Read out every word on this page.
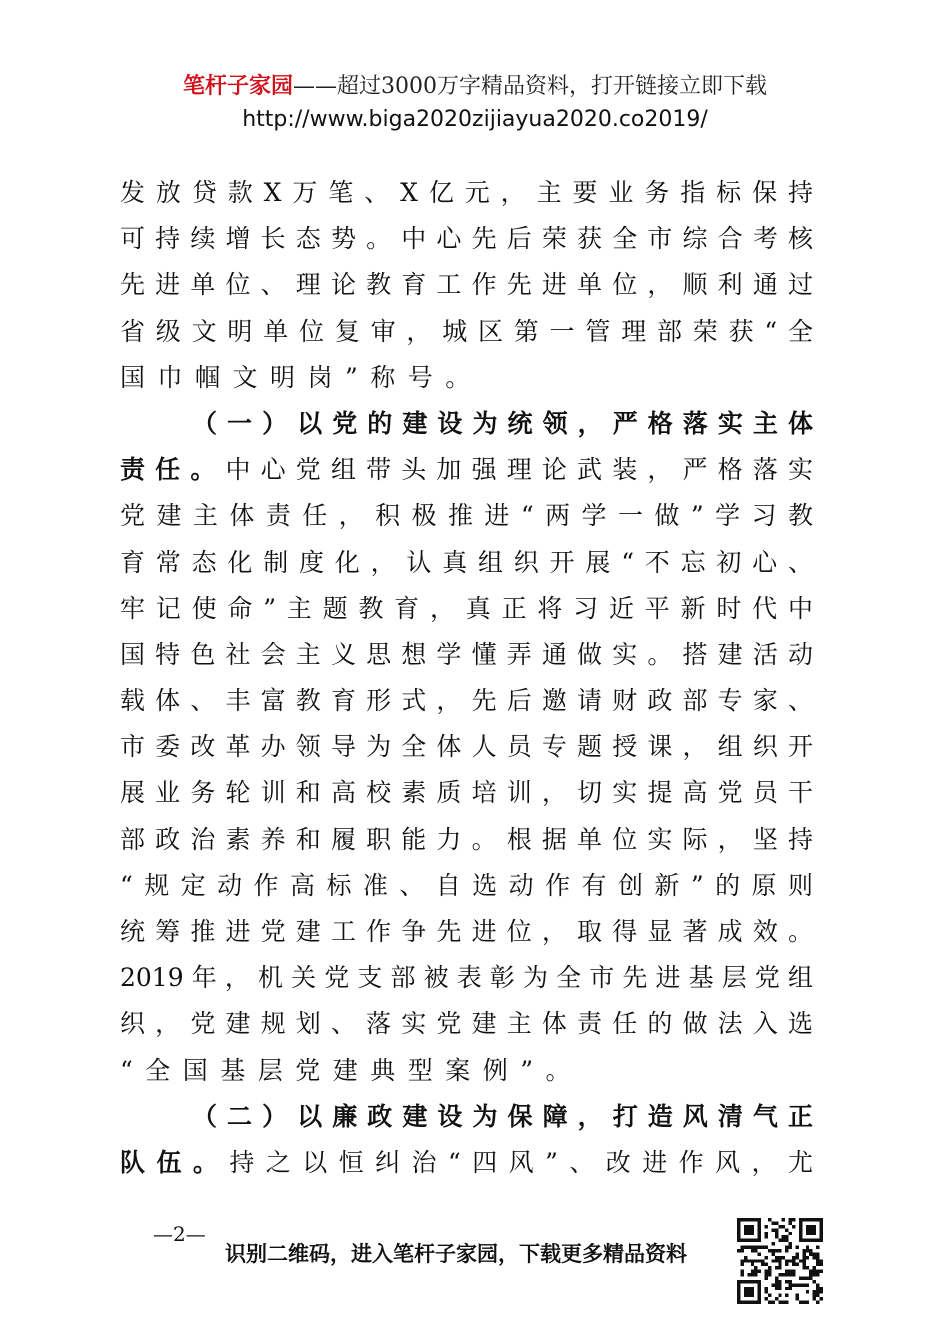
笔杆子家园——超过3000万字精品资料，打开链接立即下载
http://www.biga2020zijiayua2020.co2019/
发放贷款X万笔、X亿元，主要业务指标保持
可持续增长态势。中心先后荣获全市综合考核
先进单位、理论教育工作先进单位，顺利通过
省级文明单位复审，城区第一管理部荣获“全
国巾帼文明岗”称号。
（一）以党的建设为统领，严格落实主体
责任。中心党组带头加强理论武装，严格落实
党建主体责任，积极推进“两学一做”学习教
育常态化制度化，认真组织开展“不忘初心、
牢记使命”主题教育，真正将习近平新时代中
国特色社会主义思想学懂弄通做实。搭建活动
载体、丰富教育形式，先后邀请财政部专家、
市委改革办领导为全体人员专题授课，组织开
展业务轮训和高校素质培训，切实提高党员干
部政治素养和履职能力。根据单位实际，坚持
“规定动作高标准、自选动作有创新”的原则
统筹推进党建工作争先进位，取得显著成效。
2019年，机关党支部被表彰为全市先进基层党组
织，党建规划、落实党建主体责任的做法入选
“全国基层党建典型案例”。
（二）以廉政建设为保障，打造风清气正
队伍。持之以恒纠治“四风”、改进作风，尤
—2—
识别二维码，进入笔杆子家园，下载更多精品资料
